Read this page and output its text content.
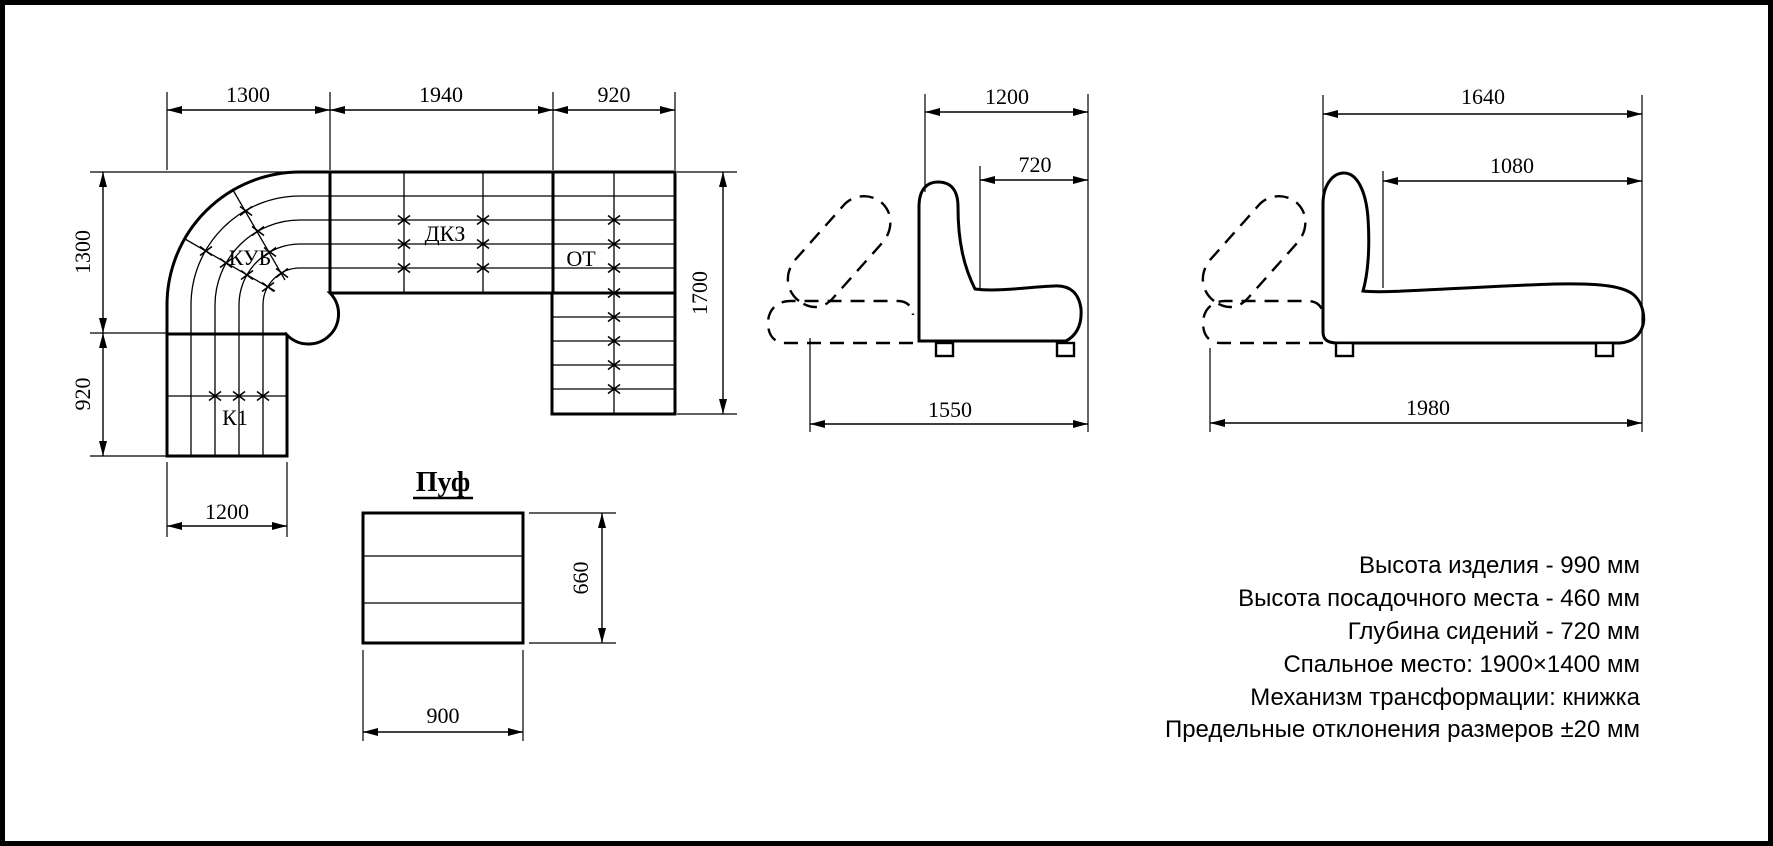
1300	1940	920
1300
920
1200
1700
КУБ
ДКЗ
ОТ
К1
Пуф
660
900
1200
720
1550
1640
1080
1980
Высота изделия - 990 мм
Высота посадочного места - 460 мм
Глубина сидений - 720 мм
Спальное место: 1900×1400 мм
Механизм трансформации: книжка
Предельные отклонения размеров ±20 мм
